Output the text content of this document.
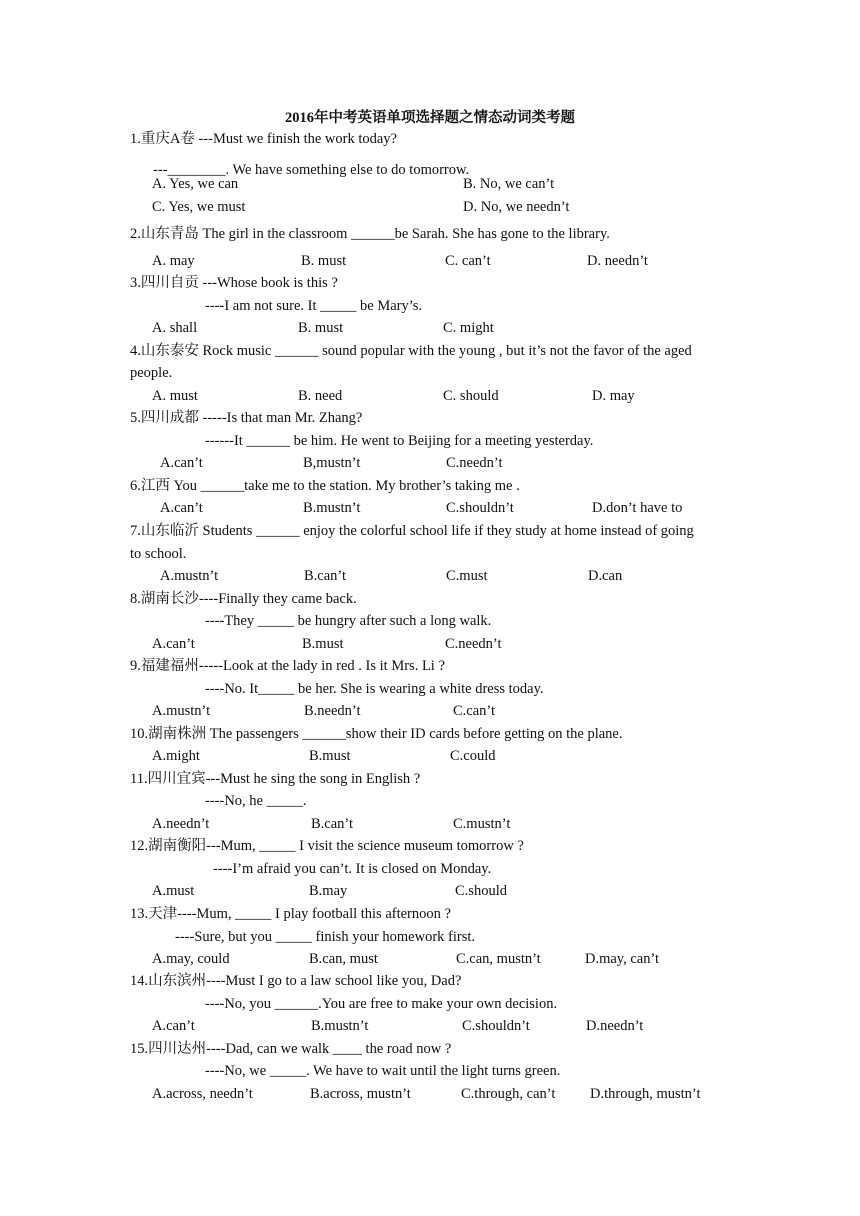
2016年中考英语单项选择题之情态动词类考题
1.重庆A卷 ---Must we finish the work today?
---________. We have something else to do tomorrow.
A. Yes, we can	B. No, we can’t
C. Yes, we must	D. No, we needn’t
2.山东青岛 The girl in the classroom ______be Sarah. She has gone to the library.
A. may	B. must	C. can’t	D. needn’t
3.四川自贡 ---Whose book is this ?
----I am not sure. It _____ be Mary’s.
A. shall	B. must	C. might
4.山东泰安 Rock music ______ sound popular with the young , but it’s not the favor of the aged
people.
A. must	B. need	C. should	D. may
5.四川成都 -----Is that man Mr. Zhang?
------It ______ be him. He went to Beijing for a meeting yesterday.
A.can’t	B,mustn’t	C.needn’t
6.江西 You ______take me to the station. My brother’s taking me .
A.can’t	B.mustn’t	C.shouldn’t	D.don’t have to
7.山东临沂 Students ______ enjoy the colorful school life if they study at home instead of going
to school.
A.mustn’t	B.can’t	C.must	D.can
8.湖南长沙----Finally they came back.
----They _____ be hungry after such a long walk.
A.can’t	B.must	C.needn’t
9.福建福州-----Look at the lady in red . Is it Mrs. Li ?
----No. It_____ be her. She is wearing a white dress today.
A.mustn’t	B.needn’t	C.can’t
10.湖南株洲 The passengers ______show their ID cards before getting on the plane.
A.might	B.must	C.could
11.四川宜宾---Must he sing the song in English ?
----No, he _____.
A.needn’t	B.can’t	C.mustn’t
12.湖南衡阳---Mum, _____ I visit the science museum tomorrow ?
----I’m afraid you can’t. It is closed on Monday.
A.must	B.may	C.should
13.天津----Mum, _____ I play football this afternoon ?
----Sure, but you _____ finish your homework first.
A.may, could	B.can, must	C.can, mustn’t	D.may, can’t
14.山东滨州----Must I go to a law school like you, Dad?
----No, you ______.You are free to make your own decision.
A.can’t	B.mustn’t	C.shouldn’t	D.needn’t
15.四川达州----Dad, can we walk ____ the road now ?
----No, we _____. We have to wait until the light turns green.
A.across, needn’t	B.across, mustn’t	C.through, can’t D.through, mustn’t
